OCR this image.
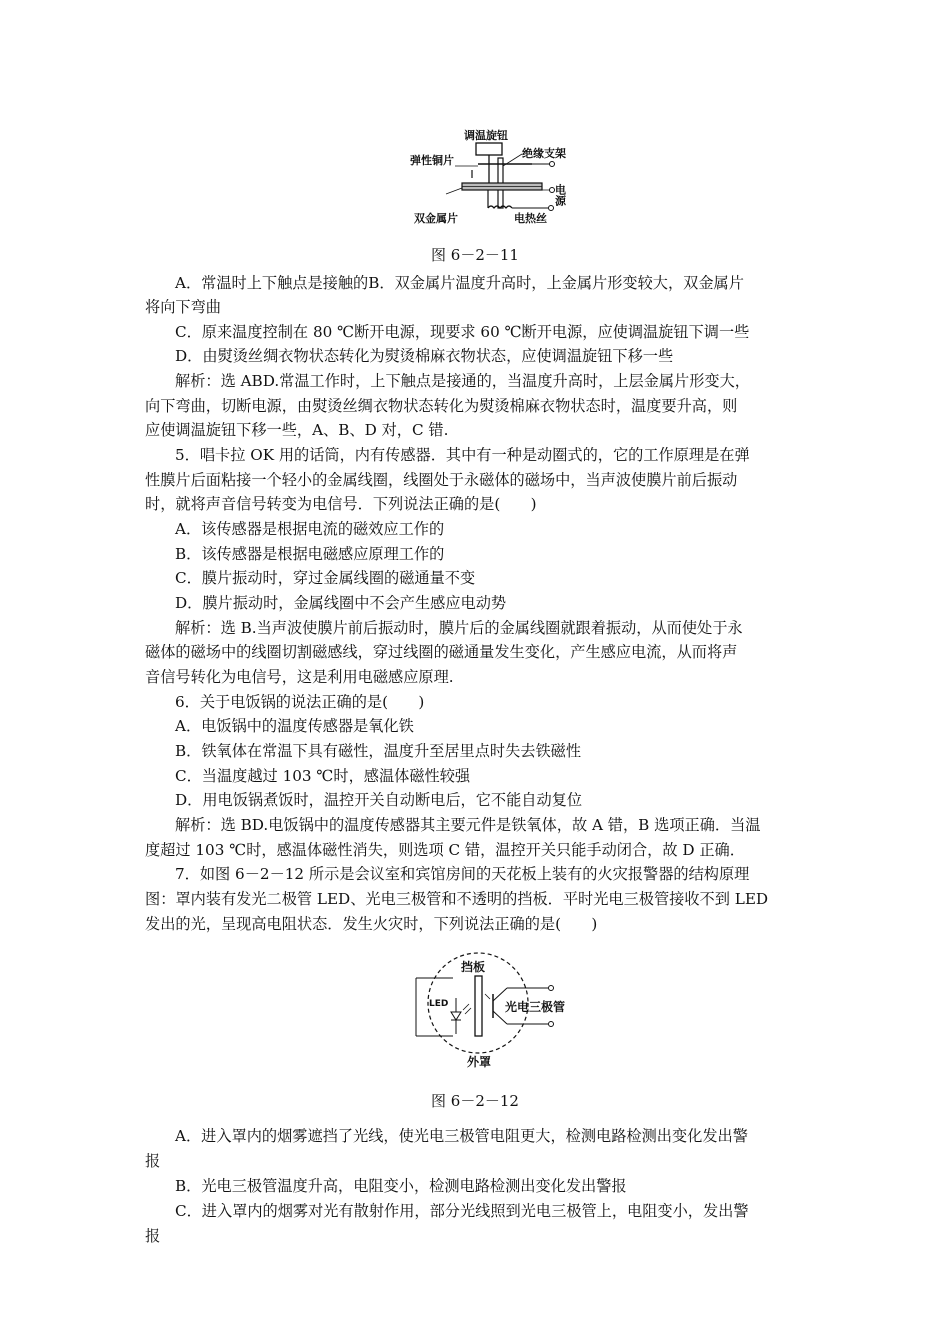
调温旋钮
弹性铜片
绝缘支架
电源
双金属片	电热丝
图 6－2－11
A．常温时上下触点是接触的B．双金属片温度升高时，上金属片形变较大，双金属片
将向下弯曲
C．原来温度控制在 80 ℃断开电源，现要求 60 ℃断开电源，应使调温旋钮下调一些
D．由熨烫丝绸衣物状态转化为熨烫棉麻衣物状态，应使调温旋钮下移一些
解析：选 ABD.常温工作时，上下触点是接通的，当温度升高时，上层金属片形变大，
向下弯曲，切断电源，由熨烫丝绸衣物状态转化为熨烫棉麻衣物状态时，温度要升高，则
应使调温旋钮下移一些，A、B、D 对，C 错.
5．唱卡拉 OK 用的话筒，内有传感器．其中有一种是动圈式的，它的工作原理是在弹
性膜片后面粘接一个轻小的金属线圈，线圈处于永磁体的磁场中，当声波使膜片前后振动
时，就将声音信号转变为电信号．下列说法正确的是(　　)
A．该传感器是根据电流的磁效应工作的
B．该传感器是根据电磁感应原理工作的
C．膜片振动时，穿过金属线圈的磁通量不变
D．膜片振动时，金属线圈中不会产生感应电动势
解析：选 B.当声波使膜片前后振动时，膜片后的金属线圈就跟着振动，从而使处于永
磁体的磁场中的线圈切割磁感线，穿过线圈的磁通量发生变化，产生感应电流，从而将声
音信号转化为电信号，这是利用电磁感应原理.
6．关于电饭锅的说法正确的是(　　)
A．电饭锅中的温度传感器是氧化铁
B．铁氧体在常温下具有磁性，温度升至居里点时失去铁磁性
C．当温度越过 103 ℃时，感温体磁性较强
D．用电饭锅煮饭时，温控开关自动断电后，它不能自动复位
解析：选 BD.电饭锅中的温度传感器其主要元件是铁氧体，故 A 错，B 选项正确．当温
度超过 103 ℃时，感温体磁性消失，则选项 C 错，温控开关只能手动闭合，故 D 正确．
7．如图 6－2－12 所示是会议室和宾馆房间的天花板上装有的火灾报警器的结构原理
图：罩内装有发光二极管 LED、光电三极管和不透明的挡板．平时光电三极管接收不到 LED
发出的光，呈现高电阻状态．发生火灾时，下列说法正确的是(　　)
LED
挡板
光电三极管
外罩
图 6－2－12
A．进入罩内的烟雾遮挡了光线，使光电三极管电阻更大，检测电路检测出变化发出警
报
B．光电三极管温度升高，电阻变小，检测电路检测出变化发出警报
C．进入罩内的烟雾对光有散射作用，部分光线照到光电三极管上，电阻变小，发出警
报
